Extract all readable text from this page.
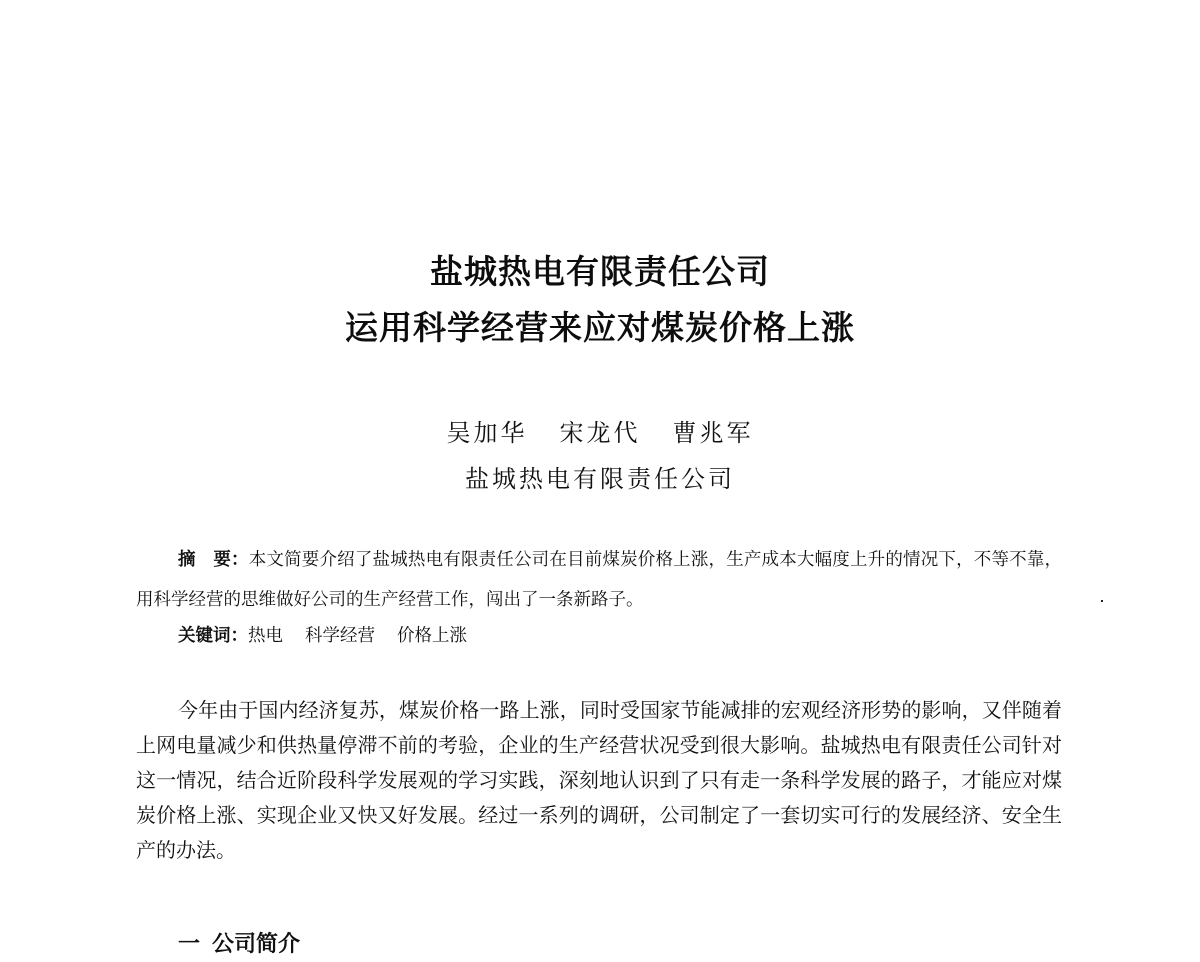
盐城热电有限责任公司
运用科学经营来应对煤炭价格上涨
吴加华 宋龙代 曹兆军
盐城热电有限责任公司

摘　要：本文简要介绍了盐城热电有限责任公司在目前煤炭价格上涨，生产成本大幅度上升的情况下，不等不靠，用科学经营的思维做好公司的生产经营工作，闯出了一条新路子。

关键词：热电 科学经营 价格上涨

今年由于国内经济复苏，煤炭价格一路上涨，同时受国家节能减排的宏观经济形势的影响，又伴随着上网电量减少和供热量停滞不前的考验，企业的生产经营状况受到很大影响。盐城热电有限责任公司针对这一情况，结合近阶段科学发展观的学习实践，深刻地认识到了只有走一条科学发展的路子，才能应对煤炭价格上涨、实现企业又快又好发展。经过一系列的调研，公司制定了一套切实可行的发展经济、安全生产的办法。

一 公司简介
